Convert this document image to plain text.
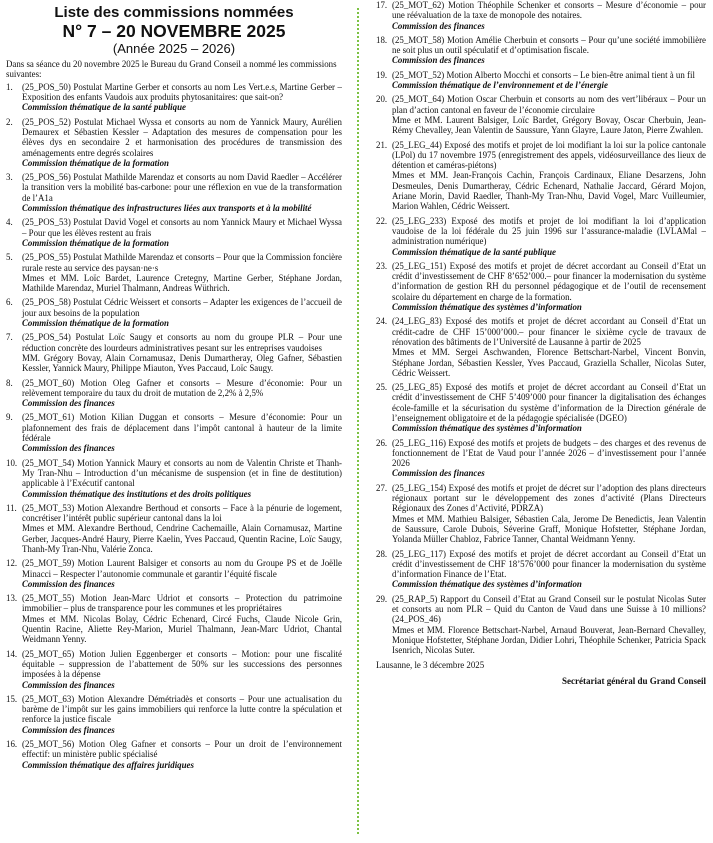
Liste des commissions nommées
N° 7 – 20 NOVEMBRE 2025
(Année 2025 – 2026)

Dans sa séance du 20 novembre 2025 le Bureau du Grand Conseil a nommé les commissions suivantes:

1. (25_POS_50) Postulat Martine Gerber et consorts au nom Les Vert.e.s, Martine Gerber – Exposition des enfants Vaudois aux produits phytosanitaires: que sait-on?
Commission thématique de la santé publique
2. (25_POS_52) Postulat Michael Wyssa et consorts au nom de Yannick Maury, Aurélien Demaurex et Sébastien Kessler – Adaptation des mesures de compensation pour les élèves dys en secondaire 2 et harmonisation des procédures de transmission des aménagements entre degrés scolaires
Commission thématique de la formation
3. (25_POS_56) Postulat Mathilde Marendaz et consorts au nom David Raedler – Accélérer la transition vers la mobilité bas-carbone: pour une réflexion en vue de la transformation de l’A1a
Commission thématique des infrastructures liées aux transports et à la mobilité
4. (25_POS_53) Postulat David Vogel et consorts au nom Yannick Maury et Michael Wyssa – Pour que les élèves restent au frais
Commission thématique de la formation
5. (25_POS_55) Postulat Mathilde Marendaz et consorts – Pour que la Commission foncière rurale reste au service des paysan·ne·s
Mmes et MM. Loïc Bardet, Laurence Cretegny, Martine Gerber, Stéphane Jordan, Mathilde Marendaz, Muriel Thalmann, Andreas Wüthrich.
6. (25_POS_58) Postulat Cédric Weissert et consorts – Adapter les exigences de l’accueil de jour aux besoins de la population
Commission thématique de la formation
7. (25_POS_54) Postulat Loïc Saugy et consorts au nom du groupe PLR – Pour une réduction concrète des lourdeurs administratives pesant sur les entreprises vaudoises
MM. Grégory Bovay, Alain Cornamusaz, Denis Dumartheray, Oleg Gafner, Sébastien Kessler, Yannick Maury, Philippe Miauton, Yves Paccaud, Loïc Saugy.
8. (25_MOT_60) Motion Oleg Gafner et consorts – Mesure d’économie: Pour un relèvement temporaire du taux du droit de mutation de 2,2% à 2,5%
Commission des finances
9. (25_MOT_61) Motion Kilian Duggan et consorts – Mesure d’économie: Pour un plafonnement des frais de déplacement dans l’impôt cantonal à hauteur de la limite fédérale
Commission des finances
10. (25_MOT_54) Motion Yannick Maury et consorts au nom de Valentin Christe et Thanh-My Tran-Nhu – Introduction d’un mécanisme de suspension (et in fine de destitution) applicable à l’Exécutif cantonal
Commission thématique des institutions et des droits politiques
11. (25_MOT_53) Motion Alexandre Berthoud et consorts – Face à la pénurie de logement, concrétiser l’intérêt public supérieur cantonal dans la loi
Mmes et MM. Alexandre Berthoud, Cendrine Cachemaille, Alain Cornamusaz, Martine Gerber, Jacques-André Haury, Pierre Kaelin, Yves Paccaud, Quentin Racine, Loïc Saugy, Thanh-My Tran-Nhu, Valérie Zonca.
12. (25_MOT_59) Motion Laurent Balsiger et consorts au nom du Groupe PS et de Joëlle Minacci – Respecter l’autonomie communale et garantir l’équité fiscale
Commission des finances
13. (25_MOT_55) Motion Jean-Marc Udriot et consorts – Protection du patrimoine immobilier – plus de transparence pour les communes et les propriétaires
Mmes et MM. Nicolas Bolay, Cédric Echenard, Circé Fuchs, Claude Nicole Grin, Quentin Racine, Aliette Rey-Marion, Muriel Thalmann, Jean-Marc Udriot, Chantal Weidmann Yenny.
14. (25_MOT_65) Motion Julien Eggenberger et consorts – Motion: pour une fiscalité équitable – suppression de l’abattement de 50% sur les successions des personnes imposées à la dépense
Commission des finances
15. (25_MOT_63) Motion Alexandre Démétriadès et consorts – Pour une actualisation du barème de l’impôt sur les gains immobiliers qui renforce la lutte contre la spéculation et renforce la justice fiscale
Commission des finances
16. (25_MOT_56) Motion Oleg Gafner et consorts – Pour un droit de l’environnement effectif: un ministère public spécialisé
Commission thématique des affaires juridiques
17. (25_MOT_62) Motion Théophile Schenker et consorts – Mesure d’économie – pour une réévaluation de la taxe de monopole des notaires.
Commission des finances
18. (25_MOT_58) Motion Amélie Cherbuin et consorts – Pour qu’une société immobilière ne soit plus un outil spéculatif et d’optimisation fiscale.
Commission des finances
19. (25_MOT_52) Motion Alberto Mocchi et consorts – Le bien-être animal tient à un fil
Commission thématique de l’environnement et de l’énergie
20. (25_MOT_64) Motion Oscar Cherbuin et consorts au nom des vert’libéraux – Pour un plan d’action cantonal en faveur de l’économie circulaire
Mme et MM. Laurent Balsiger, Loïc Bardet, Grégory Bovay, Oscar Cherbuin, Jean-Rémy Chevalley, Jean Valentin de Saussure, Yann Glayre, Laure Jaton, Pierre Zwahlen.
21. (25_LEG_44) Exposé des motifs et projet de loi modifiant la loi sur la police cantonale (LPol) du 17 novembre 1975 (enregistrement des appels, vidéosurveillance des lieux de détention et caméras-piétons)
Mmes et MM. Jean-François Cachin, François Cardinaux, Eliane Desarzens, John Desmeules, Denis Dumartheray, Cédric Echenard, Nathalie Jaccard, Gérard Mojon, Ariane Morin, David Raedler, Thanh-My Tran-Nhu, David Vogel, Marc Vuilleumier, Marion Wahlen, Cédric Weissert.
22. (25_LEG_233) Exposé des motifs et projet de loi modifiant la loi d’application vaudoise de la loi fédérale du 25 juin 1996 sur l’assurance-maladie (LVLAMal – administration numérique)
Commission thématique de la santé publique
23. (25_LEG_151) Exposé des motifs et projet de décret accordant au Conseil d’Etat un crédit d’investissement de CHF 8’652’000.– pour financer la modernisation du système d’information de gestion RH du personnel pédagogique et de l’outil de recensement scolaire du département en charge de la formation.
Commission thématique des systèmes d’information
24. (24_LEG_83) Exposé des motifs et projet de décret accordant au Conseil d’Etat un crédit-cadre de CHF 15’000’000.– pour financer le sixième cycle de travaux de rénovation des bâtiments de l’Université de Lausanne à partir de 2025
Mmes et MM. Sergei Aschwanden, Florence Bettschart-Narbel, Vincent Bonvin, Stéphane Jordan, Sébastien Kessler, Yves Paccaud, Graziella Schaller, Nicolas Suter, Cédric Weissert.
25. (25_LEG_85) Exposé des motifs et projet de décret accordant au Conseil d’Etat un crédit d’investissement de CHF 5’409’000 pour financer la digitalisation des échanges école-famille et la sécurisation du système d’information de la Direction générale de l’enseignement obligatoire et de la pédagogie spécialisée (DGEO)
Commission thématique des systèmes d’information
26. (25_LEG_116) Exposé des motifs et projets de budgets – des charges et des revenus de fonctionnement de l’Etat de Vaud pour l’année 2026 – d’investissement pour l’année 2026
Commission des finances
27. (25_LEG_154) Exposé des motifs et projet de décret sur l’adoption des plans directeurs régionaux portant sur le développement des zones d’activité (Plans Directeurs Régionaux des Zones d’Activité, PDRZA)
Mmes et MM. Mathieu Balsiger, Sébastien Cala, Jerome De Benedictis, Jean Valentin de Saussure, Carole Dubois, Séverine Graff, Monique Hofstetter, Stéphane Jordan, Yolanda Müller Chabloz, Fabrice Tanner, Chantal Weidmann Yenny.
28. (25_LEG_117) Exposé des motifs et projet de décret accordant au Conseil d’Etat un crédit d’investissement de CHF 18’576’000 pour financer la modernisation du système d’information Finance de l’Etat.
Commission thématique des systèmes d’information
29. (25_RAP_5) Rapport du Conseil d’Etat au Grand Conseil sur le postulat Nicolas Suter et consorts au nom PLR – Quid du Canton de Vaud dans une Suisse à 10 millions? (24_POS_46)
Mmes et MM. Florence Bettschart-Narbel, Arnaud Bouverat, Jean-Bernard Chevalley, Monique Hofstetter, Stéphane Jordan, Didier Lohri, Théophile Schenker, Patricia Spack Isenrich, Nicolas Suter.
Lausanne, le 3 décembre 2025
Secrétariat général du Grand Conseil
